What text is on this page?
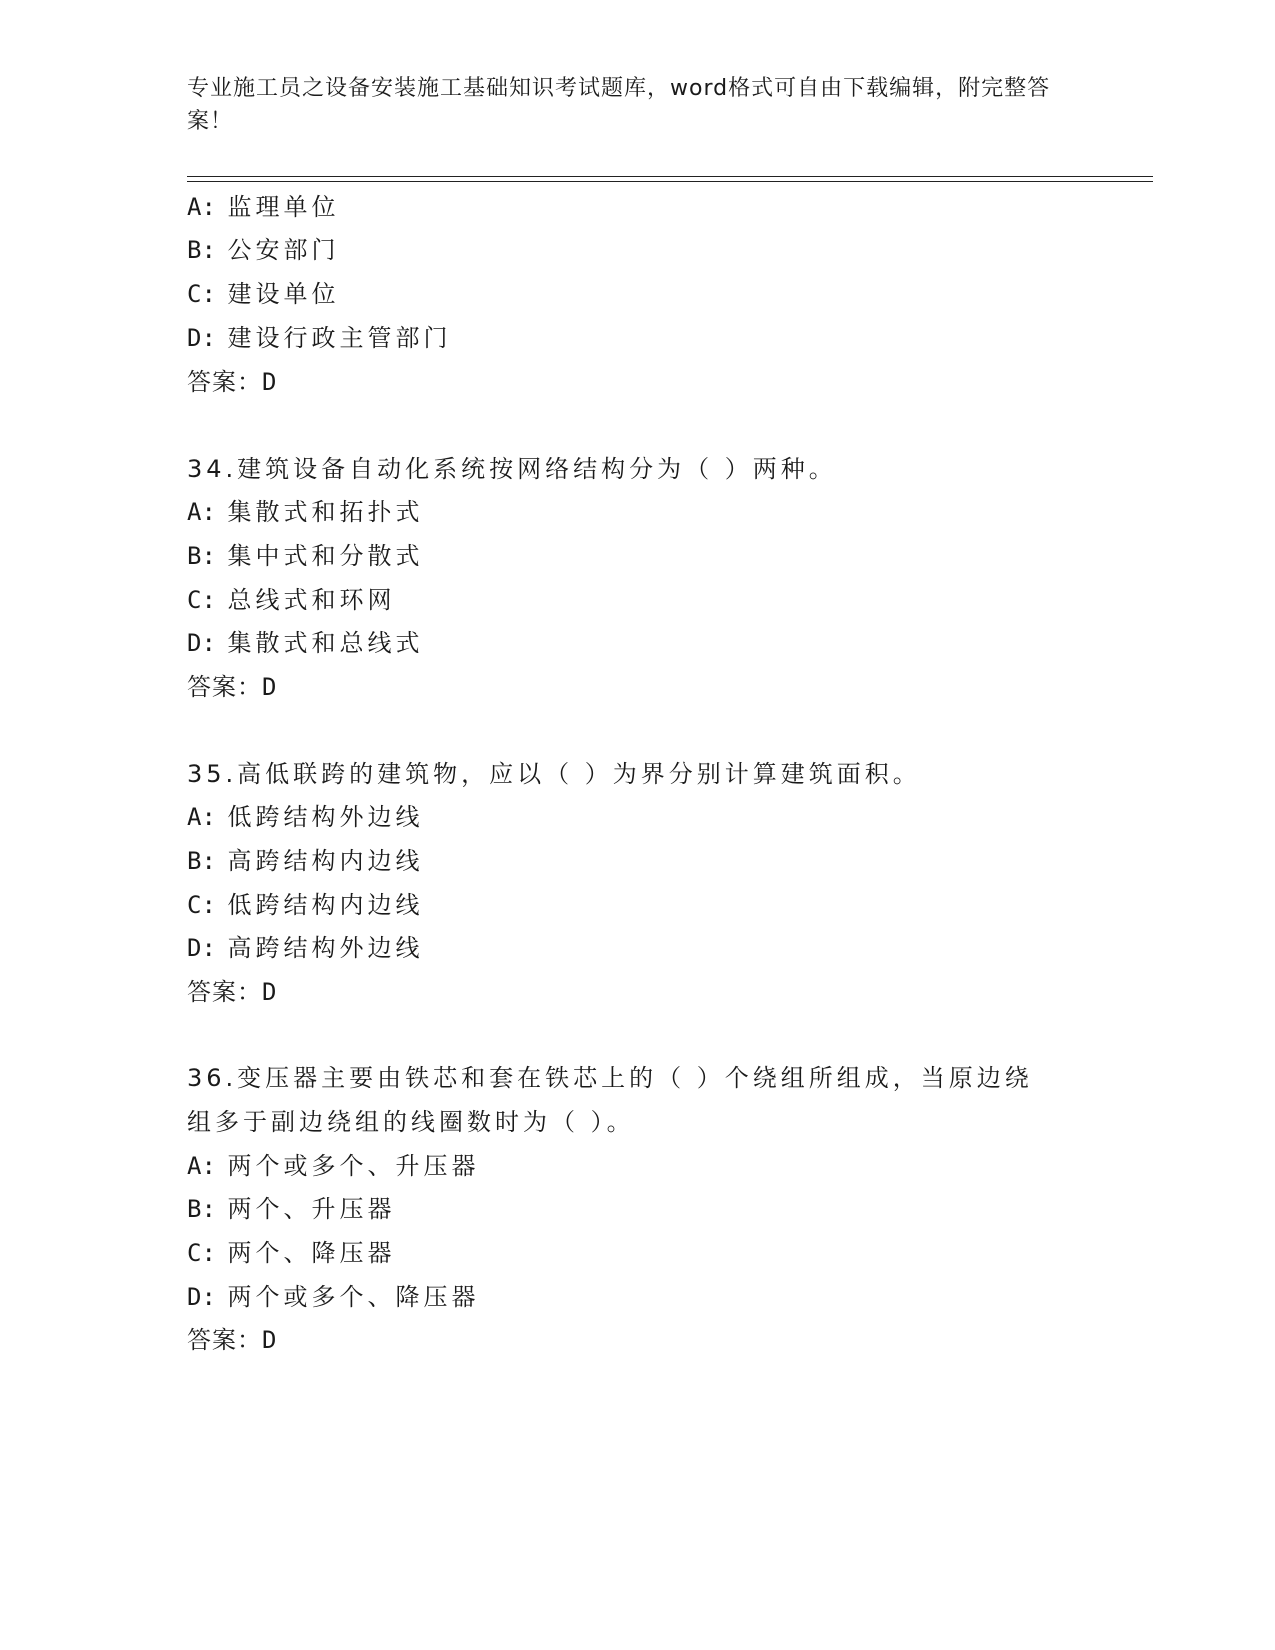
专业施工员之设备安装施工基础知识考试题库，word格式可自由下载编辑，附完整答案！
A: 监理单位
B: 公安部门
C: 建设单位
D: 建设行政主管部门
答案：D
34.建筑设备自动化系统按网络结构分为（ ）两种。
A: 集散式和拓扑式
B: 集中式和分散式
C: 总线式和环网
D: 集散式和总线式
答案：D
35.高低联跨的建筑物，应以（ ）为界分别计算建筑面积。
A: 低跨结构外边线
B: 高跨结构内边线
C: 低跨结构内边线
D: 高跨结构外边线
答案：D
36.变压器主要由铁芯和套在铁芯上的（ ）个绕组所组成，当原边绕
组多于副边绕组的线圈数时为（ ）。
A: 两个或多个、升压器
B: 两个、升压器
C: 两个、降压器
D: 两个或多个、降压器
答案：D
